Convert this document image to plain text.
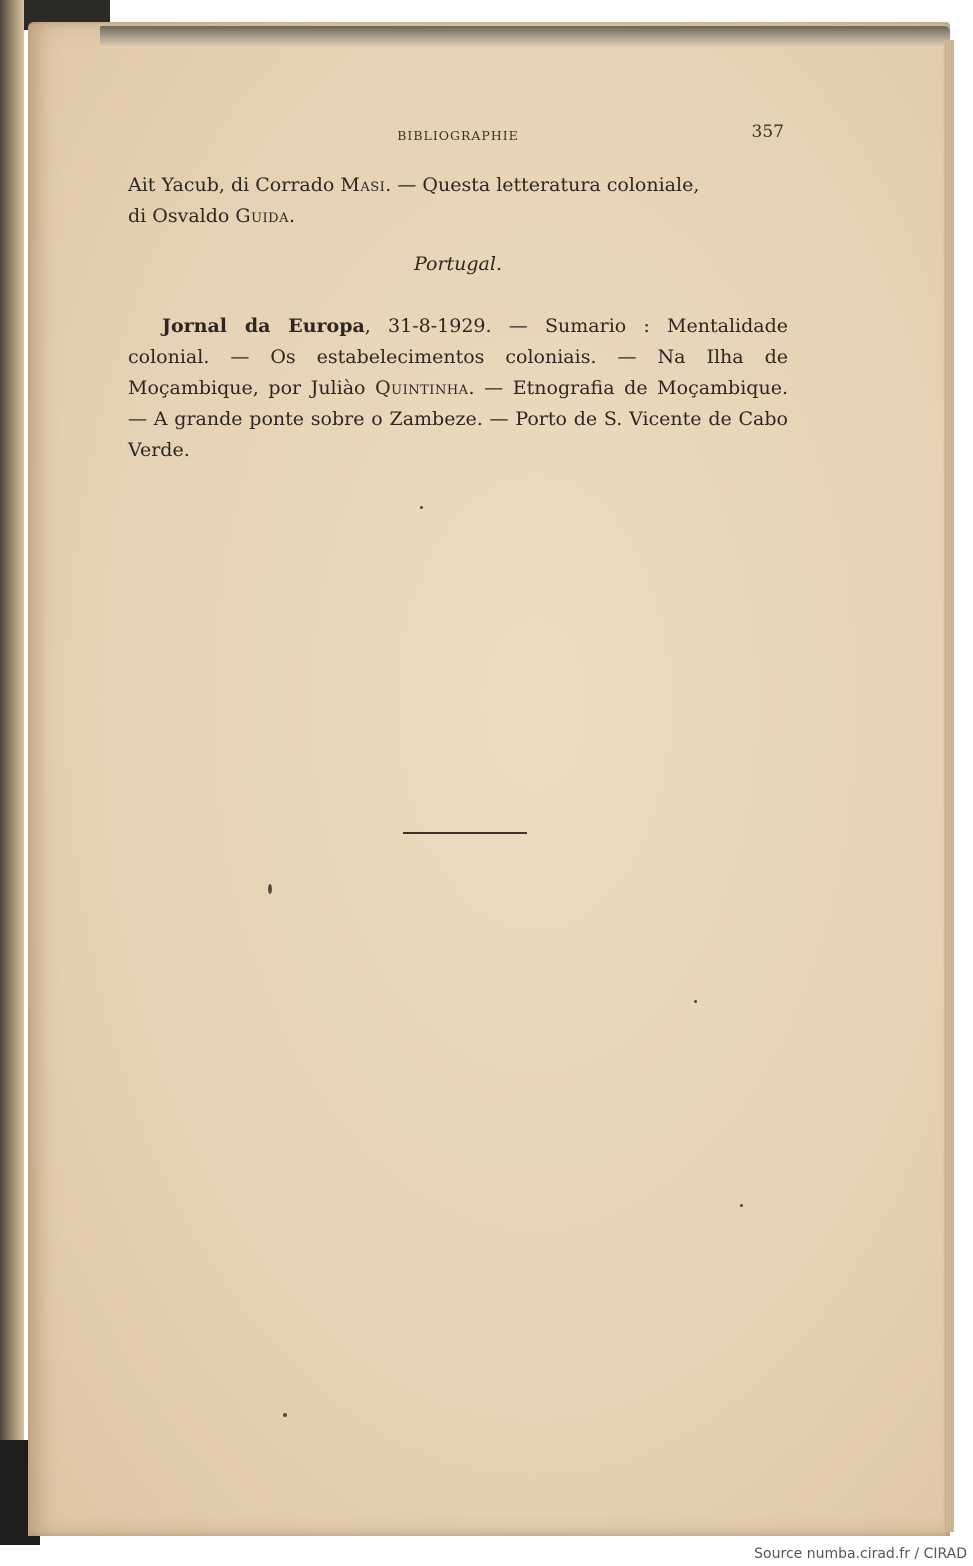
BIBLIOGRAPHIE	357
Ait Yacub, di Corrado Masi. — Questa letteratura coloniale,
di Osvaldo Guida.
Portugal.
Jornal da Europa, 31-8-1929. — Sumario : Mentalidade colonial. — Os estabelecimentos coloniais. — Na Ilha de Moçambique, por Juliào Quintinha. — Etnografia de Moçambique. — A grande ponte sobre o Zambeze. — Porto de S. Vicente de Cabo Verde.
Source numba.cirad.fr / CIRAD
